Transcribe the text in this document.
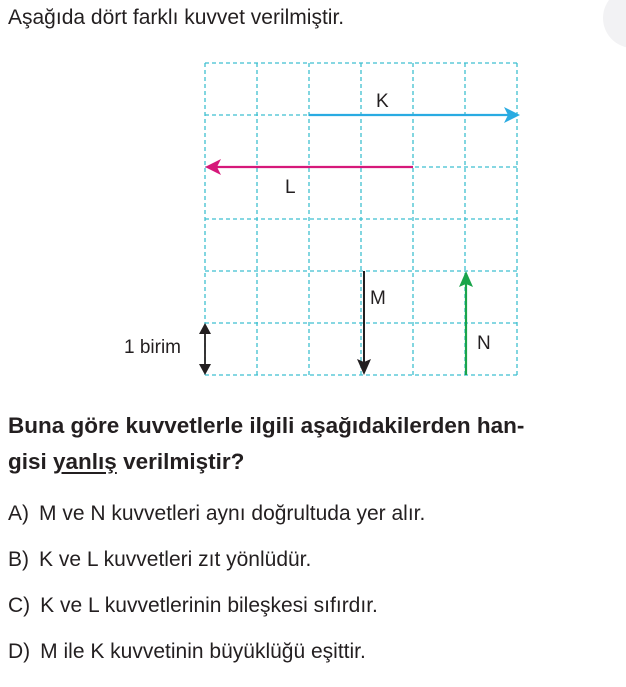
Aşağıda dört farklı kuvvet verilmiştir.
K
L
M
N
1 birim
Buna göre kuvvetlerle ilgili aşağıdakilerden han-
gisi yanlış verilmiştir?
A) M ve N kuvvetleri aynı doğrultuda yer alır.
B) K ve L kuvvetleri zıt yönlüdür.
C) K ve L kuvvetlerinin bileşkesi sıfırdır.
D) M ile K kuvvetinin büyüklüğü eşittir.
